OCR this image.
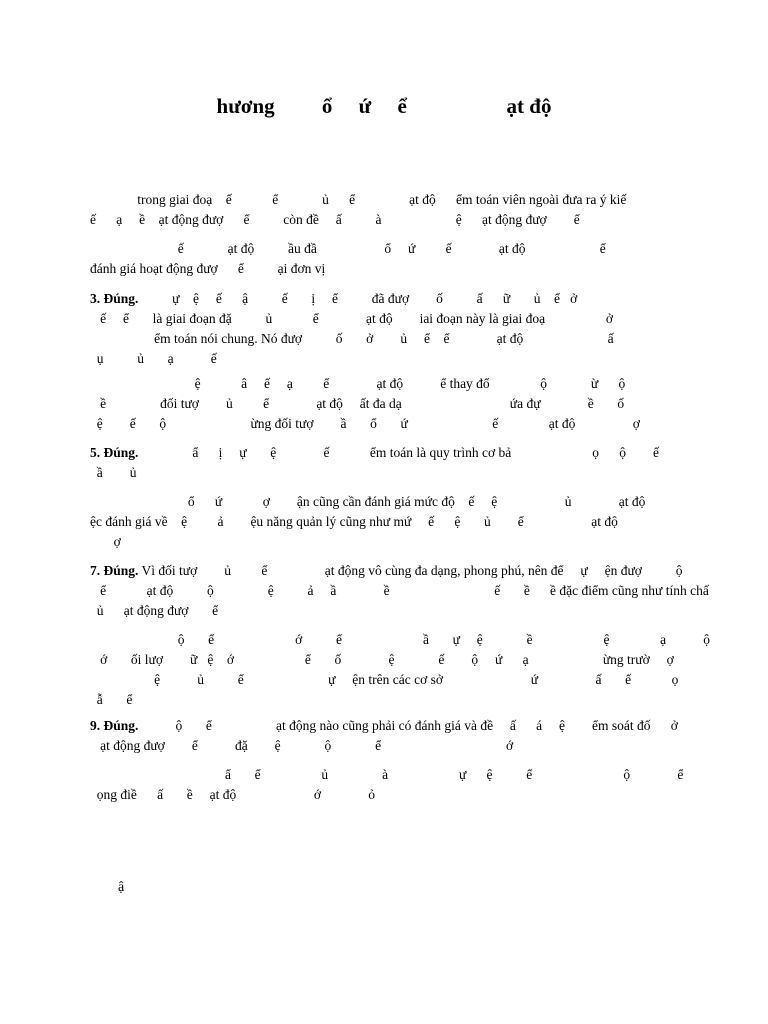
hương         ổ     ứ     ể                   ạt độ
trong giai đoạ    ế            ể             ủ      ể                ạt độ      ểm toán viên ngoài đưa ra ý kiế
ế      ạ     ề    ạt động đượ      ể          còn đề     ấ          à                      ệ      ạt động đượ        ể
ế             ạt độ          ầu đầ                    ổ     ứ         ế              ạt độ                      ể
đánh giá hoạt động đượ      ể          ại đơn vị
3. Đúng.          ự    ệ     ế      ậ          ế       ị     ể          đã đượ        ố          ấ      ữ       ủ    ể   ở
ế     ể       là giai đoạn đặ          ủ            ể              ạt độ        iai đoạn này là giai đoạ                  ở
ểm toán nói chung. Nó đượ          ố       ở        ủ     ể    ể              ạt độ                         ấ
ụ          ủ       ạ           ế
ệ            â     ế     ạ         ể              ạt độ           ể thay đổ               ộ             ừ      ộ
ề                đối tượ        ủ         ể              ạt độ     ất đa dạ                                ứa đự              ề       ố
ệ        ế       ộ                         ừng đối tượ        ầ       ổ       ứ                         ế               ạt độ                 ợ
5. Đúng.                ẩ      ị     ự       ệ              ế            ểm toán là quy trình cơ bả                        ọ      ộ        ế
ầ        ủ
ổ      ứ            ợ        ận cũng cần đánh giá mức độ    ế     ệ                    ủ              ạt độ
ệc đánh giá về    ệ         ả        ệu năng quản lý cũng như mứ     ế      ệ       ủ        ể                    ạt độ
ợ
7. Đúng. Vì đối tượ        ủ         ể                 ạt động vô cùng đa dạng, phong phú, nên để     ự     ện đượ          ộ
ể            ạt độ          ộ                ệ          ả     ầ              ề                               ế       ề      ề đặc điểm cũng như tính chấ
ủ      ạt động đượ       ể
ộ       ể                        ớ          ể                        ầ       ự     ệ             ề                     ệ               ạ           ộ
ớ       ối lượ        ữ   ệ    ớ                     ể       ố              ệ             ế        ộ     ứ      ạ                      ừng trườ     ợ
ệ           ủ          ể                         ự     ện trên các cơ sở                          ứ                 ấ       ế            ọ
ẫ       ể
9. Đúng.           ộ       ể                   ạt động nào cũng phải có đánh giá và đề     ấ      á     ệ        ểm soát đố      ở
ạt động đượ        ể           đặ        ệ             ộ             ể                                     ớ
ẩ       ể                  ủ                à                     ự      ệ          ể                           ộ              ể
ọng điề      ấ       ề     ạt độ                       ớ              ỏ
ậ
